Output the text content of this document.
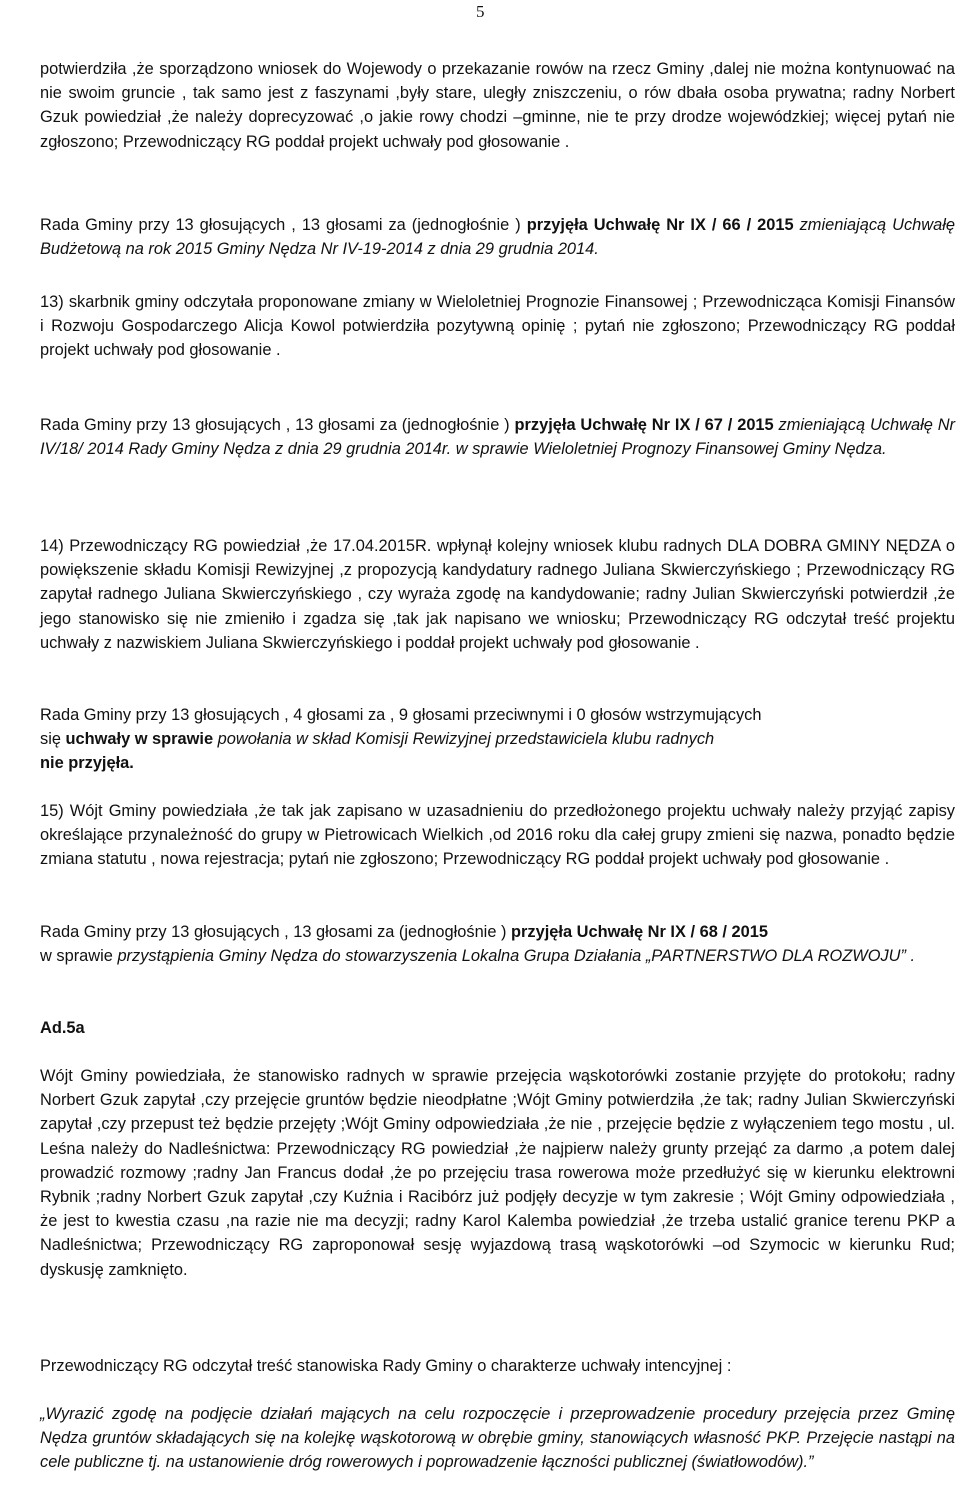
5

potwierdziła ,że sporządzono wniosek do Wojewody o przekazanie rowów na rzecz Gminy ,dalej nie można kontynuować na nie swoim gruncie , tak samo jest z faszynami ,były stare, uległy zniszczeniu, o rów dbała osoba prywatna; radny Norbert Gzuk powiedział ,że należy doprecyzować ,o jakie rowy chodzi –gminne, nie te przy drodze wojewódzkiej; więcej pytań nie zgłoszono; Przewodniczący RG poddał projekt uchwały pod głosowanie .

Rada Gminy przy 13 głosujących , 13 głosami za (jednogłośnie ) przyjęła Uchwałę Nr IX / 66 / 2015 zmieniającą Uchwałę Budżetową na rok 2015 Gminy Nędza Nr IV-19-2014 z dnia 29 grudnia 2014.

13) skarbnik gminy odczytała proponowane zmiany w Wieloletniej Prognozie Finansowej ; Przewodnicząca Komisji Finansów i Rozwoju Gospodarczego Alicja Kowol potwierdziła pozytywną opinię ; pytań nie zgłoszono; Przewodniczący RG poddał projekt uchwały pod głosowanie .

Rada Gminy przy 13 głosujących , 13 głosami za (jednogłośnie ) przyjęła Uchwałę Nr IX / 67 / 2015 zmieniającą Uchwałę Nr IV/18/ 2014 Rady Gminy Nędza z dnia 29 grudnia 2014r. w sprawie Wieloletniej Prognozy Finansowej Gminy Nędza.

14) Przewodniczący RG powiedział ,że 17.04.2015R. wpłynął kolejny wniosek klubu radnych DLA DOBRA GMINY NĘDZA o powiększenie składu Komisji Rewizyjnej ,z propozycją kandydatury radnego Juliana Skwierczyńskiego ; Przewodniczący RG zapytał radnego Juliana Skwierczyńskiego , czy wyraża zgodę na kandydowanie; radny Julian Skwierczyński potwierdził ,że jego stanowisko się nie zmieniło i zgadza się ,tak jak napisano we wniosku; Przewodniczący RG odczytał treść projektu uchwały z nazwiskiem Juliana Skwierczyńskiego i poddał projekt uchwały pod głosowanie .

Rada Gminy przy 13 głosujących , 4 głosami za , 9 głosami przeciwnymi i 0 głosów wstrzymujących
się uchwały w sprawie powołania w skład Komisji Rewizyjnej przedstawiciela klubu radnych
nie przyjęła.

15) Wójt Gminy powiedziała ,że tak jak zapisano w uzasadnieniu do przedłożonego projektu uchwały należy przyjąć zapisy określające przynależność do grupy w Pietrowicach Wielkich ,od 2016 roku dla całej grupy zmieni się nazwa, ponadto będzie zmiana statutu , nowa rejestracja; pytań nie zgłoszono; Przewodniczący RG poddał projekt uchwały pod głosowanie .

Rada Gminy przy 13 głosujących , 13 głosami za (jednogłośnie ) przyjęła Uchwałę Nr IX / 68 / 2015
w sprawie przystąpienia Gminy Nędza do stowarzyszenia Lokalna Grupa Działania „PARTNERSTWO DLA ROZWOJU” .

Ad.5a

Wójt Gminy powiedziała, że stanowisko radnych w sprawie przejęcia wąskotorówki zostanie przyjęte do protokołu; radny Norbert Gzuk zapytał ,czy przejęcie gruntów będzie nieodpłatne ;Wójt Gminy potwierdziła ,że tak; radny Julian Skwierczyński zapytał ,czy przepust też będzie przejęty ;Wójt Gminy odpowiedziała ,że nie , przejęcie będzie z wyłączeniem tego mostu , ul. Leśna należy do Nadleśnictwa: Przewodniczący RG powiedział ,że najpierw należy grunty przejąć za darmo ,a potem dalej prowadzić rozmowy ;radny Jan Francus dodał ,że po przejęciu trasa rowerowa może przedłużyć się w kierunku elektrowni Rybnik ;radny Norbert Gzuk zapytał ,czy Kuźnia i Racibórz już podjęły decyzje w tym zakresie ; Wójt Gminy odpowiedziała , że jest to kwestia czasu ,na razie nie ma decyzji; radny Karol Kalemba powiedział ,że trzeba ustalić granice terenu PKP a Nadleśnictwa; Przewodniczący RG zaproponował sesję wyjazdową trasą wąskotorówki –od Szymocic w kierunku Rud; dyskusję zamknięto.

Przewodniczący RG odczytał treść stanowiska Rady Gminy o charakterze uchwały intencyjnej :

„Wyrazić zgodę na podjęcie działań mających na celu rozpoczęcie i przeprowadzenie procedury przejęcia przez Gminę Nędza gruntów składających się na kolejkę wąskotorową w obrębie gminy, stanowiących własność PKP. Przejęcie nastąpi na cele publiczne tj. na ustanowienie dróg rowerowych i poprowadzenie łączności publicznej (światłowodów).”
